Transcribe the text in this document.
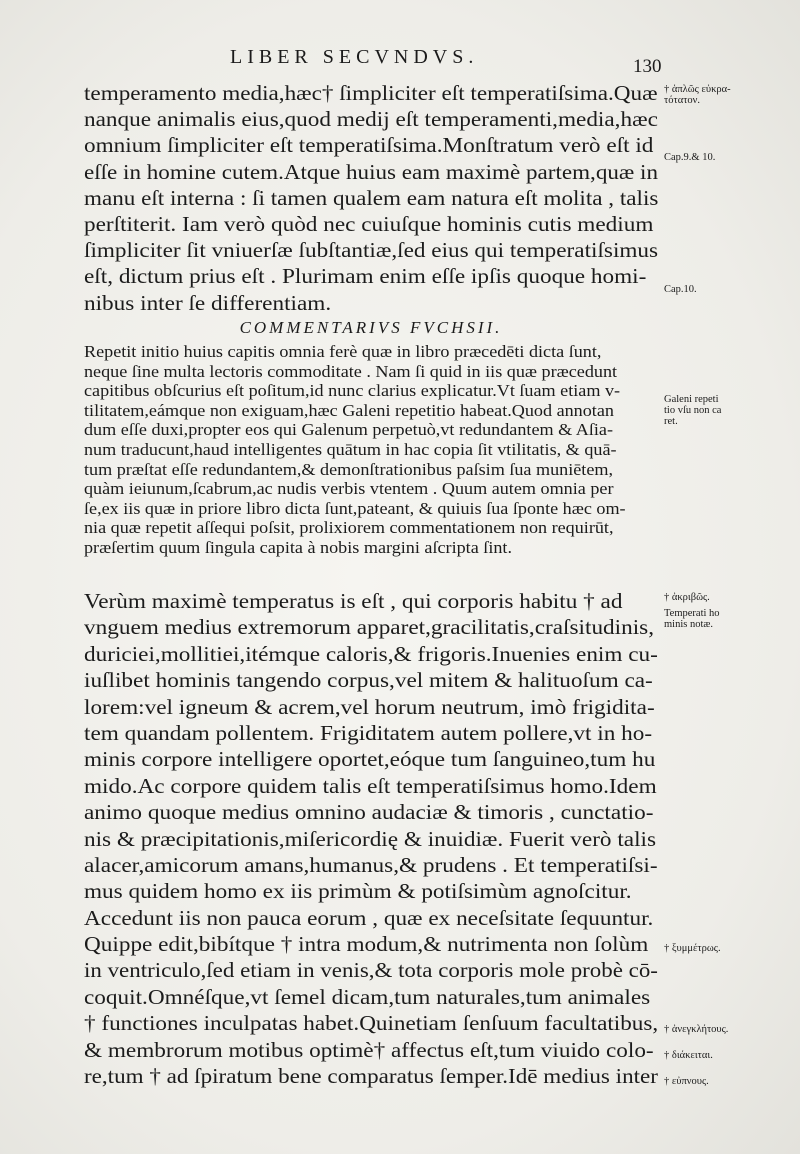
LIBER SECVNDVS.	130
temperamento media,hæc† ſimpliciter eſt temperatiſsima.Quæ
nanque animalis eius,quod medij eſt temperamenti,media,hæc
omnium ſimpliciter eſt temperatiſsima.Monſtratum verò eſt id
eſſe in homine cutem.Atque huius eam maximè partem,quæ in
manu eſt interna : ſi tamen qualem eam natura eſt molita , talis
perſtiterit. Iam verò quòd nec cuiuſque hominis cutis medium
ſimpliciter ſit vniuerſæ ſubſtantiæ,ſed eius qui temperatiſsimus
eſt, dictum prius eſt . Plurimam enim eſſe ipſis quoque homi-
nibus inter ſe differentiam.
COMMENTARIVS FVCHSII.
Repetit initio huius capitis omnia ferè quæ in libro præcedēti dicta ſunt,
neque ſine multa lectoris commoditate . Nam ſi quid in iis quæ præcedunt
capitibus obſcurius eſt poſitum,id nunc clarius explicatur.Vt ſuam etiam v-
tilitatem,eámque non exiguam,hæc Galeni repetitio habeat.Quod annotan
dum eſſe duxi,propter eos qui Galenum perpetuò,vt redundantem & Aſia-
num traducunt,haud intelligentes quātum in hac copia ſit vtilitatis, & quā-
tum præſtat eſſe redundantem,& demonſtrationibus paſsim ſua muniētem,
quàm ieiunum,ſcabrum,ac nudis verbis vtentem . Quum autem omnia per
ſe,ex iis quæ in priore libro dicta ſunt,pateant, & quiuis ſua ſponte hæc om-
nia quæ repetit aſſequi poſsit, prolixiorem commentationem non requirūt,
præſertim quum ſingula capita à nobis margini aſcripta ſint.
Verùm maximè temperatus is eſt , qui corporis habitu † ad
vnguem medius extremorum apparet,gracilitatis,craſsitudinis,
duriciei,mollitiei,itémque caloris,& frigoris.Inuenies enim cu-
iuſlibet hominis tangendo corpus,vel mitem & halituoſum ca-
lorem:vel igneum & acrem,vel horum neutrum, imò frigidita-
tem quandam pollentem. Frigiditatem autem pollere,vt in ho-
minis corpore intelligere oportet,eóque tum ſanguineo,tum hu
mido.Ac corpore quidem talis eſt temperatiſsimus homo.Idem
animo quoque medius omnino audaciæ & timoris , cunctatio-
nis & præcipitationis,miſericordię & inuidiæ. Fuerit verò talis
alacer,amicorum amans,humanus,& prudens . Et temperatiſsi-
mus quidem homo ex iis primùm & potiſsimùm agnoſcitur.
Accedunt iis non pauca eorum , quæ ex neceſsitate ſequuntur.
Quippe edit,bibítque † intra modum,& nutrimenta non ſolùm
in ventriculo,ſed etiam in venis,& tota corporis mole probè cō-
coquit.Omnéſque,vt ſemel dicam,tum naturales,tum animales
† functiones inculpatas habet.Quinetiam ſenſuum facultatibus,
& membrorum motibus optimè† affectus eſt,tum viuido colo-
re,tum † ad ſpiratum bene comparatus ſemper.Idē medius inter
† ἁπλῶς εὐκρα-
τότατον.
Cap.9.& 10.
Cap.10.
Galeni repeti
tio vſu non ca
ret.
† ἀκριβῶς.
Temperati ho
minis notæ.
† ξυμμέτρως.
† ἀνεγκλήτους.
† διάκειται.
† εὐπνους.
